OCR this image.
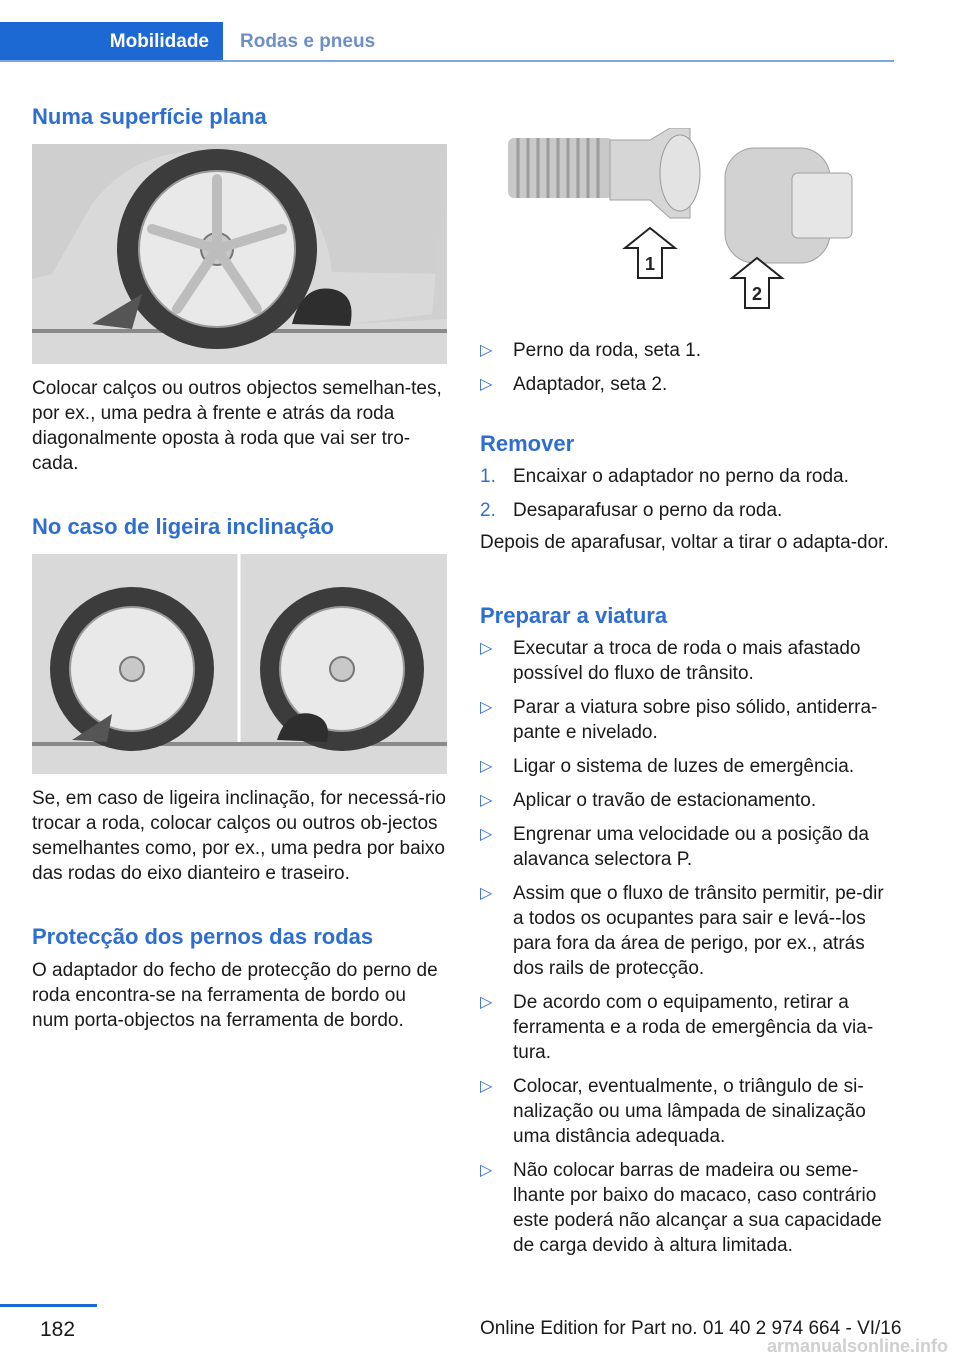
Mobilidade	Rodas e pneus
Numa superfície plana

Colocar calços ou outros objectos semelhan-tes, por ex., uma pedra à frente e atrás da roda diagonalmente oposta à roda que vai ser tro-cada.

No caso de ligeira inclinação

Se, em caso de ligeira inclinação, for necessá-rio trocar a roda, colocar calços ou outros ob-jectos semelhantes como, por ex., uma pedra por baixo das rodas do eixo dianteiro e traseiro.

Protecção dos pernos das rodas

O adaptador do fecho de protecção do perno de roda encontra-se na ferramenta de bordo ou num porta-objectos na ferramenta de bordo.

1
2
▷ Perno da roda, seta 1.
▷ Adaptador, seta 2.
Remover
1. Encaixar o adaptador no perno da roda.
2. Desaparafusar o perno da roda.

Depois de aparafusar, voltar a tirar o adapta-dor.

Preparar a viatura
▷ Executar a troca de roda o mais afastado possível do fluxo de trânsito.
▷ Parar a viatura sobre piso sólido, antiderra-pante e nivelado.
▷ Ligar o sistema de luzes de emergência.
▷ Aplicar o travão de estacionamento.
▷ Engrenar uma velocidade ou a posição da alavanca selectora P.
▷ Assim que o fluxo de trânsito permitir, pe-dir a todos os ocupantes para sair e levá--los para fora da área de perigo, por ex., atrás dos rails de protecção.
▷ De acordo com o equipamento, retirar a ferramenta e a roda de emergência da via-tura.
▷ Colocar, eventualmente, o triângulo de si-nalização ou uma lâmpada de sinalização uma distância adequada.
▷ Não colocar barras de madeira ou seme-lhante por baixo do macaco, caso contrário este poderá não alcançar a sua capacidade de carga devido à altura limitada.
182	Online Edition for Part no. 01 40 2 974 664 - VI/16
armanualsonline.info
